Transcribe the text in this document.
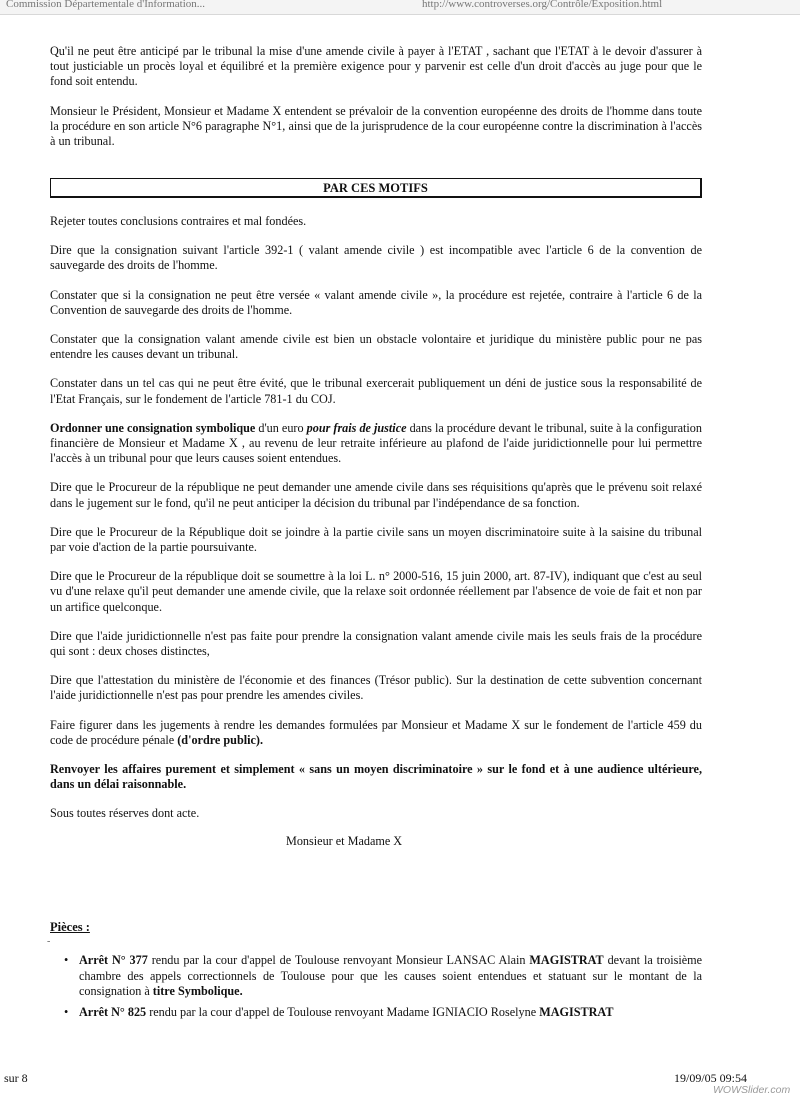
Commission Départementale d'Information...	http://www.controverses.org/Contrôle/Exposition.html

Qu'il ne peut être anticipé par le tribunal la mise d'une amende civile à payer à l'ETAT , sachant que l'ETAT à le devoir d'assurer à tout justiciable un procès loyal et équilibré et la première exigence pour y parvenir est celle d'un droit d'accès au juge pour que le fond soit entendu.

Monsieur le Président, Monsieur et Madame X entendent se prévaloir de la convention européenne des droits de l'homme dans toute la procédure en son article N°6 paragraphe N°1, ainsi que de la jurisprudence de la cour européenne contre la discrimination à l'accès à un tribunal.

PAR CES MOTIFS

Rejeter toutes conclusions contraires et mal fondées.

Dire que la consignation suivant l'article 392-1 ( valant amende civile ) est incompatible avec l'article 6 de la convention de sauvegarde des droits de l'homme.

Constater que si la consignation ne peut être versée « valant amende civile », la procédure est rejetée, contraire à l'article 6 de la Convention de sauvegarde des droits de l'homme.

Constater que la consignation valant amende civile est bien un obstacle volontaire et juridique du ministère public pour ne pas entendre les causes devant un tribunal.

Constater dans un tel cas qui ne peut être évité, que le tribunal exercerait publiquement un déni de justice sous la responsabilité de l'Etat Français, sur le fondement de l'article 781-1 du COJ.

Ordonner une consignation symbolique d'un euro pour frais de justice dans la procédure devant le tribunal, suite à la configuration financière de Monsieur et Madame X , au revenu de leur retraite inférieure au plafond de l'aide juridictionnelle pour lui permettre l'accès à un tribunal pour que leurs causes soient entendues.

Dire que le Procureur de la république ne peut demander une amende civile dans ses réquisitions qu'après que le prévenu soit relaxé dans le jugement sur le fond, qu'il ne peut anticiper la décision du tribunal par l'indépendance de sa fonction.

Dire que le Procureur de la République doit se joindre à la partie civile sans un moyen discriminatoire suite à la saisine du tribunal par voie d'action de la partie poursuivante.

Dire que le Procureur de la république doit se soumettre à la loi L. n° 2000-516, 15 juin 2000, art. 87-IV), indiquant que c'est au seul vu d'une relaxe qu'il peut demander une amende civile, que la relaxe soit ordonnée réellement par l'absence de voie de fait et non par un artifice quelconque.

Dire que l'aide juridictionnelle n'est pas faite pour prendre la consignation valant amende civile mais les seuls frais de la procédure qui sont : deux choses distinctes,

Dire que l'attestation du ministère de l'économie et des finances (Trésor public). Sur la destination de cette subvention concernant l'aide juridictionnelle n'est pas pour prendre les amendes civiles.

Faire figurer dans les jugements à rendre les demandes formulées par Monsieur et Madame X sur le fondement de l'article 459 du code de procédure pénale (d'ordre public).

Renvoyer les affaires purement et simplement « sans un moyen discriminatoire » sur le fond et à une audience ultérieure, dans un délai raisonnable.

Sous toutes réserves dont acte.

Monsieur et Madame X
Pièces :
-
• Arrêt N° 377 rendu par la cour d'appel de Toulouse renvoyant Monsieur LANSAC Alain MAGISTRAT devant la troisième chambre des appels correctionnels de Toulouse pour que les causes soient entendues et statuant sur le montant de la consignation à titre Symbolique.
• Arrêt N° 825 rendu par la cour d'appel de Toulouse renvoyant Madame IGNIACIO Roselyne MAGISTRAT
sur 8	19/09/05 09:54
WOWSlider.com
